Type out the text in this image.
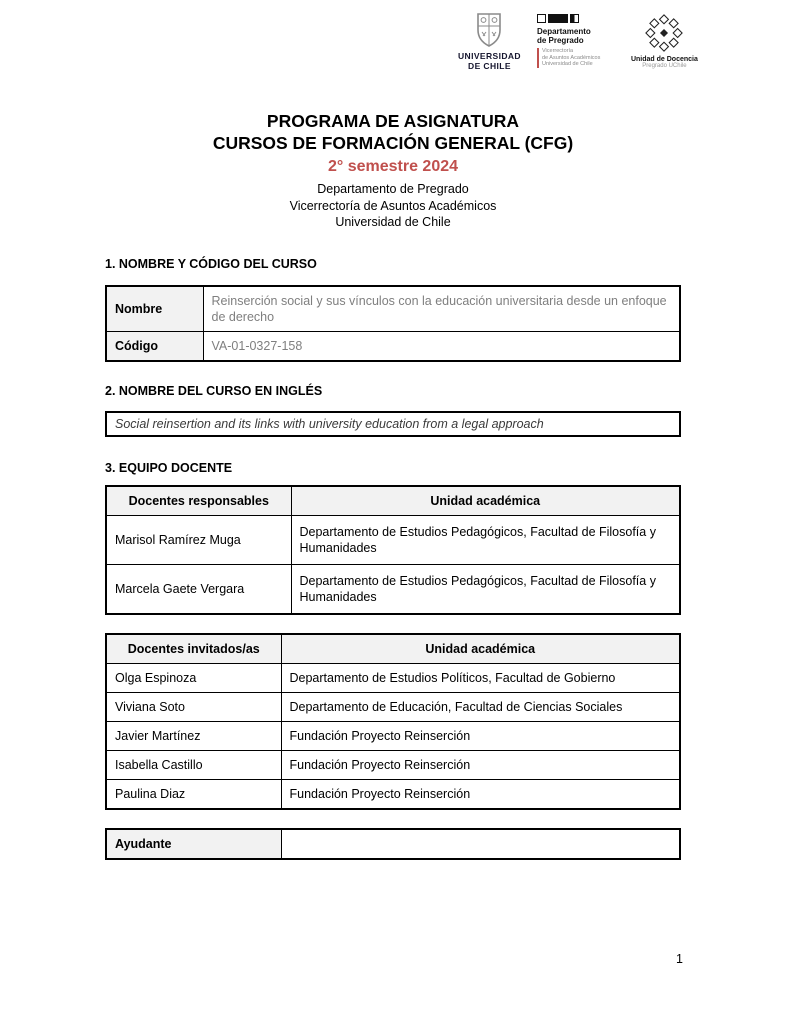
UNIVERSIDAD
DE CHILE
Departamento
de Pregrado
Vicerrectoría
de Asuntos Académicos
Universidad de Chile
Unidad de Docencia
Pregrado UChile
PROGRAMA DE ASIGNATURA
CURSOS DE FORMACIÓN GENERAL (CFG)
2° semestre 2024
Departamento de Pregrado
Vicerrectoría de Asuntos Académicos
Universidad de Chile
1. NOMBRE Y CÓDIGO DEL CURSO
Nombre	Reinserción social y sus vínculos con la educación universitaria desde un enfoque de derecho
Código	VA-01-0327-158
2. NOMBRE DEL CURSO EN INGLÉS
Social reinsertion and its links with university education from a legal approach
3. EQUIPO DOCENTE
Docentes responsables	Unidad académica
Marisol Ramírez Muga	Departamento de Estudios Pedagógicos, Facultad de Filosofía y Humanidades
Marcela Gaete Vergara	Departamento de Estudios Pedagógicos, Facultad de Filosofía y Humanidades
Docentes invitados/as	Unidad académica
Olga Espinoza	Departamento de Estudios Políticos, Facultad de Gobierno
Viviana Soto	Departamento de Educación, Facultad de Ciencias Sociales
Javier Martínez	Fundación Proyecto Reinserción
Isabella Castillo	Fundación Proyecto Reinserción
Paulina Diaz	Fundación Proyecto Reinserción
Ayudante	
1
